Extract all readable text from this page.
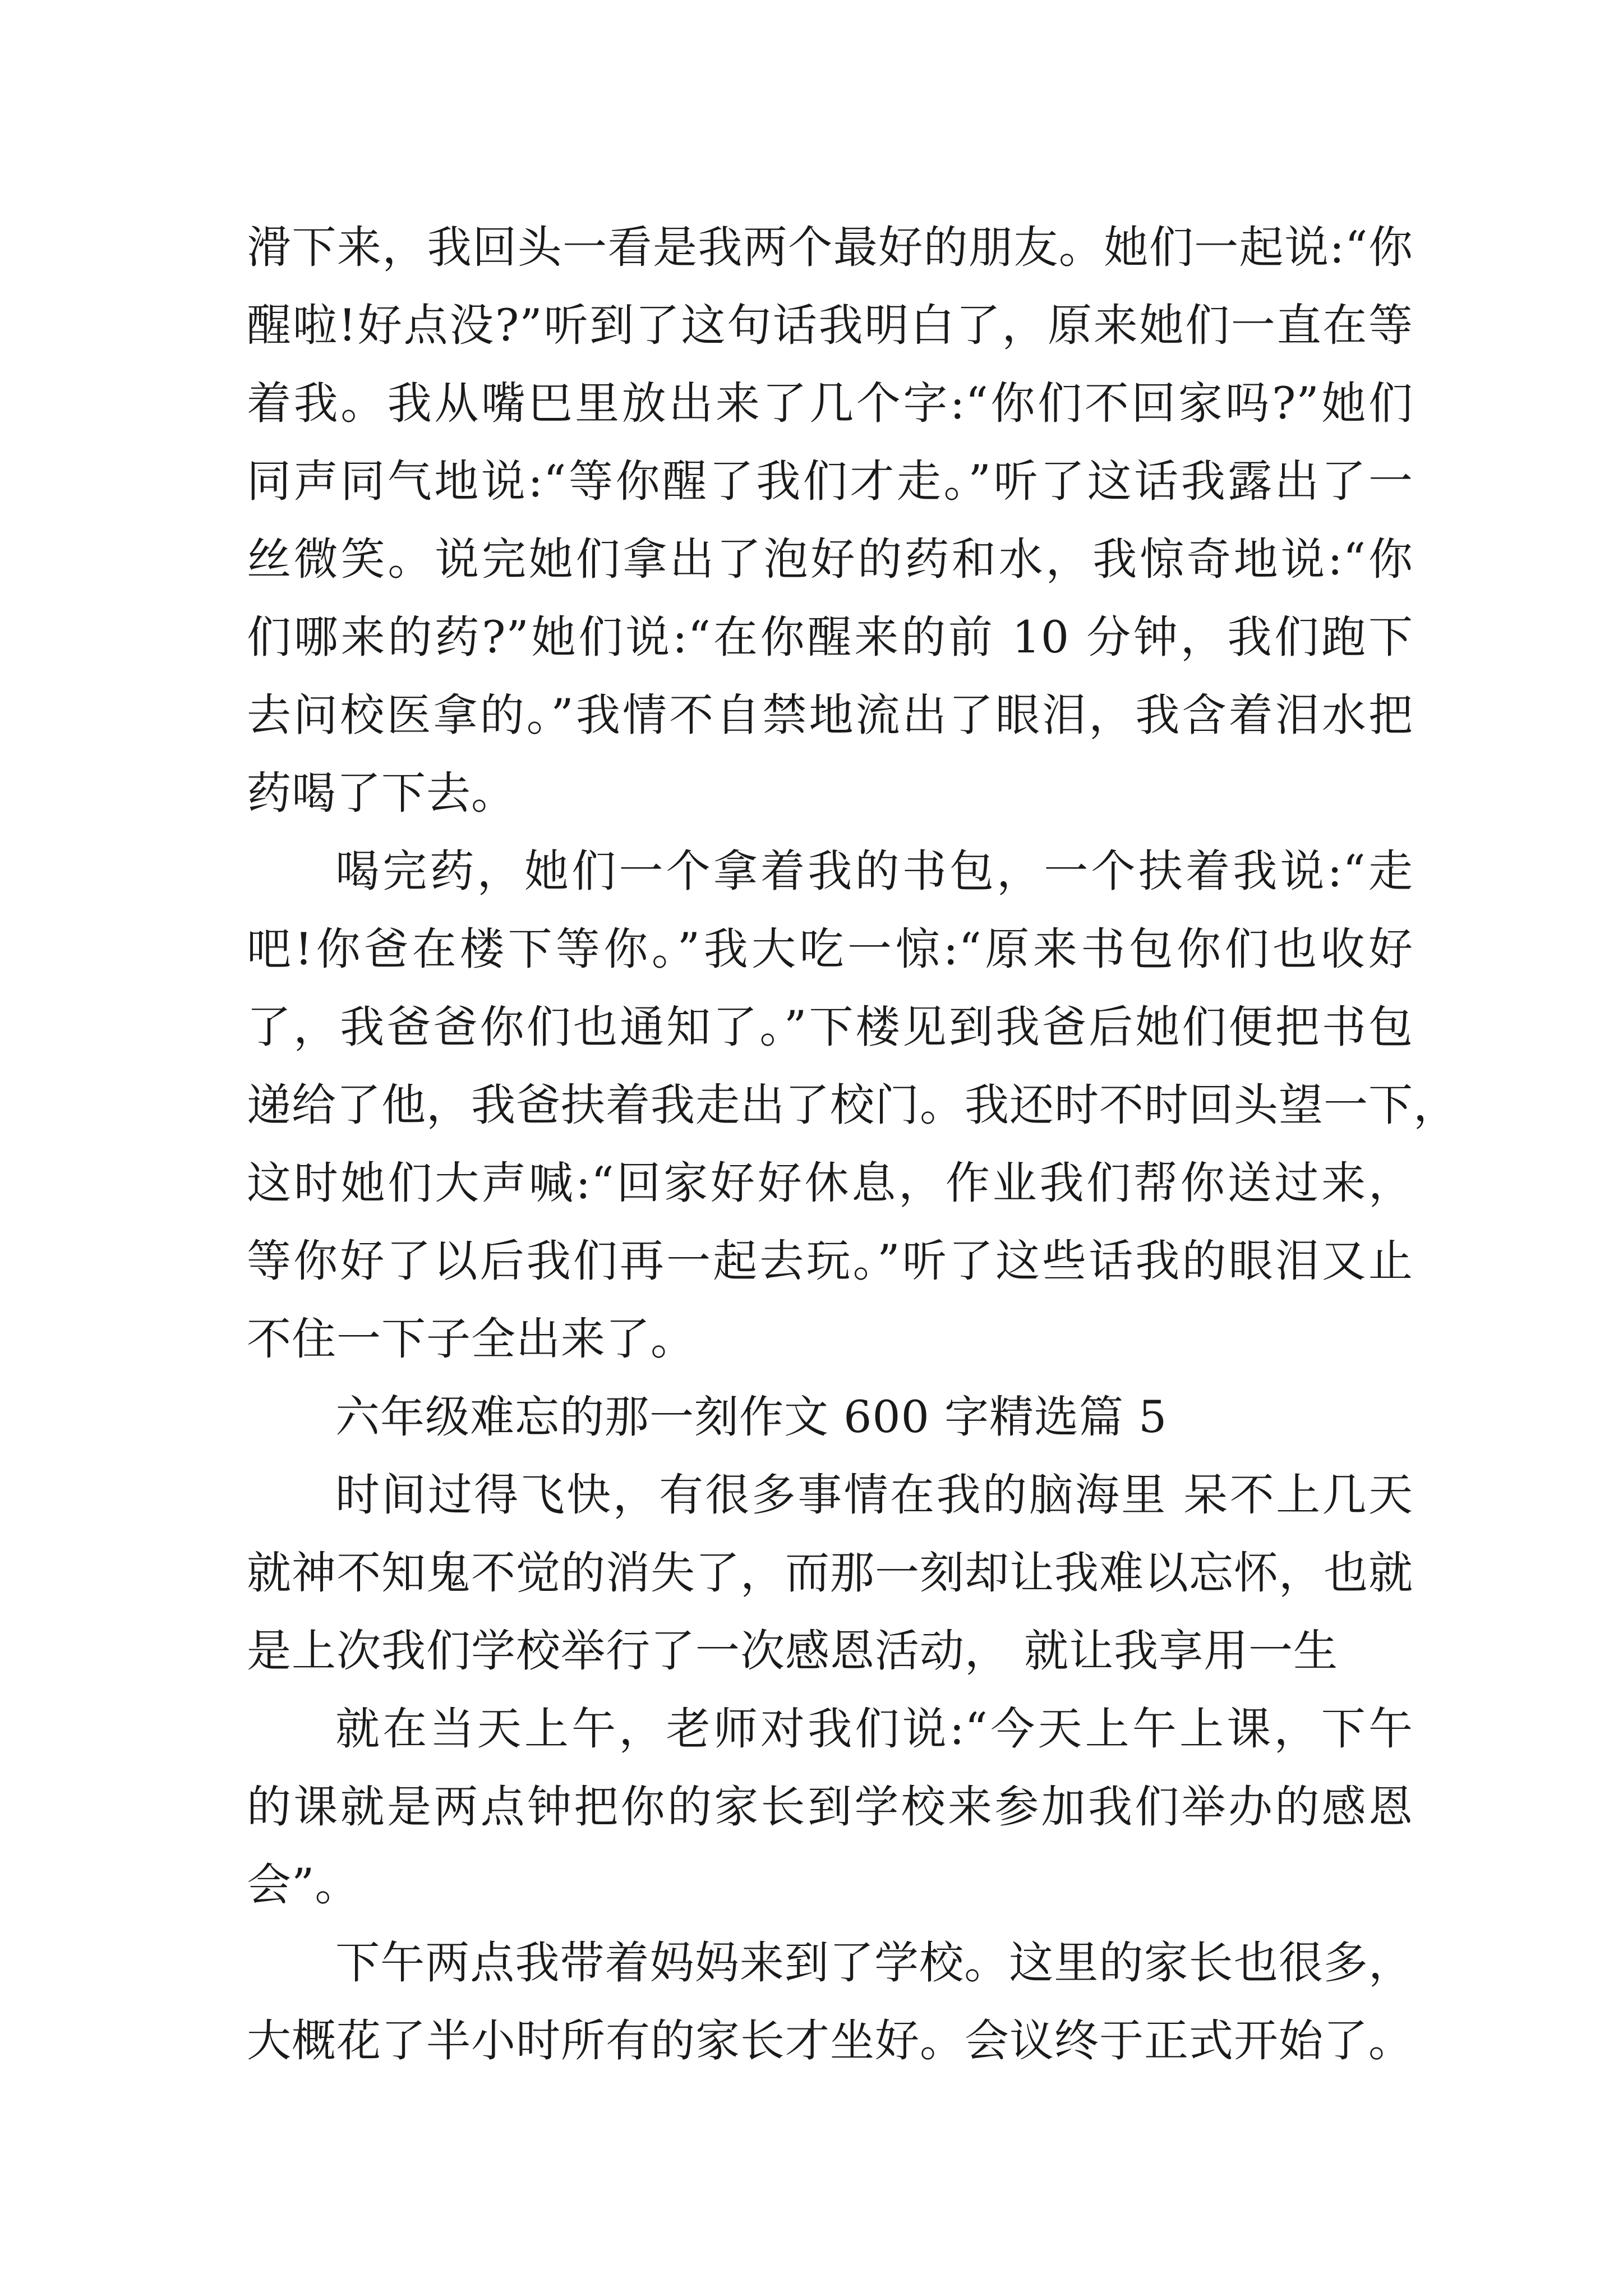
滑下来，我回头一看是我两个最好的朋友。她们一起说:“你
醒啦!好点没?”听到了这句话我明白了，原来她们一直在等
着我。我从嘴巴里放出来了几个字:“你们不回家吗?”她们
同声同气地说:“等你醒了我们才走。”听了这话我露出了一
丝微笑。说完她们拿出了泡好的药和水，我惊奇地说:“你
们哪来的药?”她们说:“在你醒来的前 10 分钟，我们跑下
去问校医拿的。”我情不自禁地流出了眼泪，我含着泪水把
药喝了下去。
喝完药，她们一个拿着我的书包，一个扶着我说:“走
吧!你爸在楼下等你。”我大吃一惊:“原来书包你们也收好
了，我爸爸你们也通知了。”下楼见到我爸后她们便把书包
递给了他，我爸扶着我走出了校门。我还时不时回头望一下，
这时她们大声喊:“回家好好休息，作业我们帮你送过来，
等你好了以后我们再一起去玩。”听了这些话我的眼泪又止
不住一下子全出来了。
六年级难忘的那一刻作文 600 字精选篇 5
时间过得飞快，有很多事情在我的脑海里 呆不上几天
就神不知鬼不觉的消失了，而那一刻却让我难以忘怀，也就
是上次我们学校举行了一次感恩活动， 就让我享用一生
就在当天上午，老师对我们说:“今天上午上课，下午
的课就是两点钟把你的家长到学校来参加我们举办的感恩
会”。
下午两点我带着妈妈来到了学校。这里的家长也很多，
大概花了半小时所有的家长才坐好。会议终于正式开始了。
